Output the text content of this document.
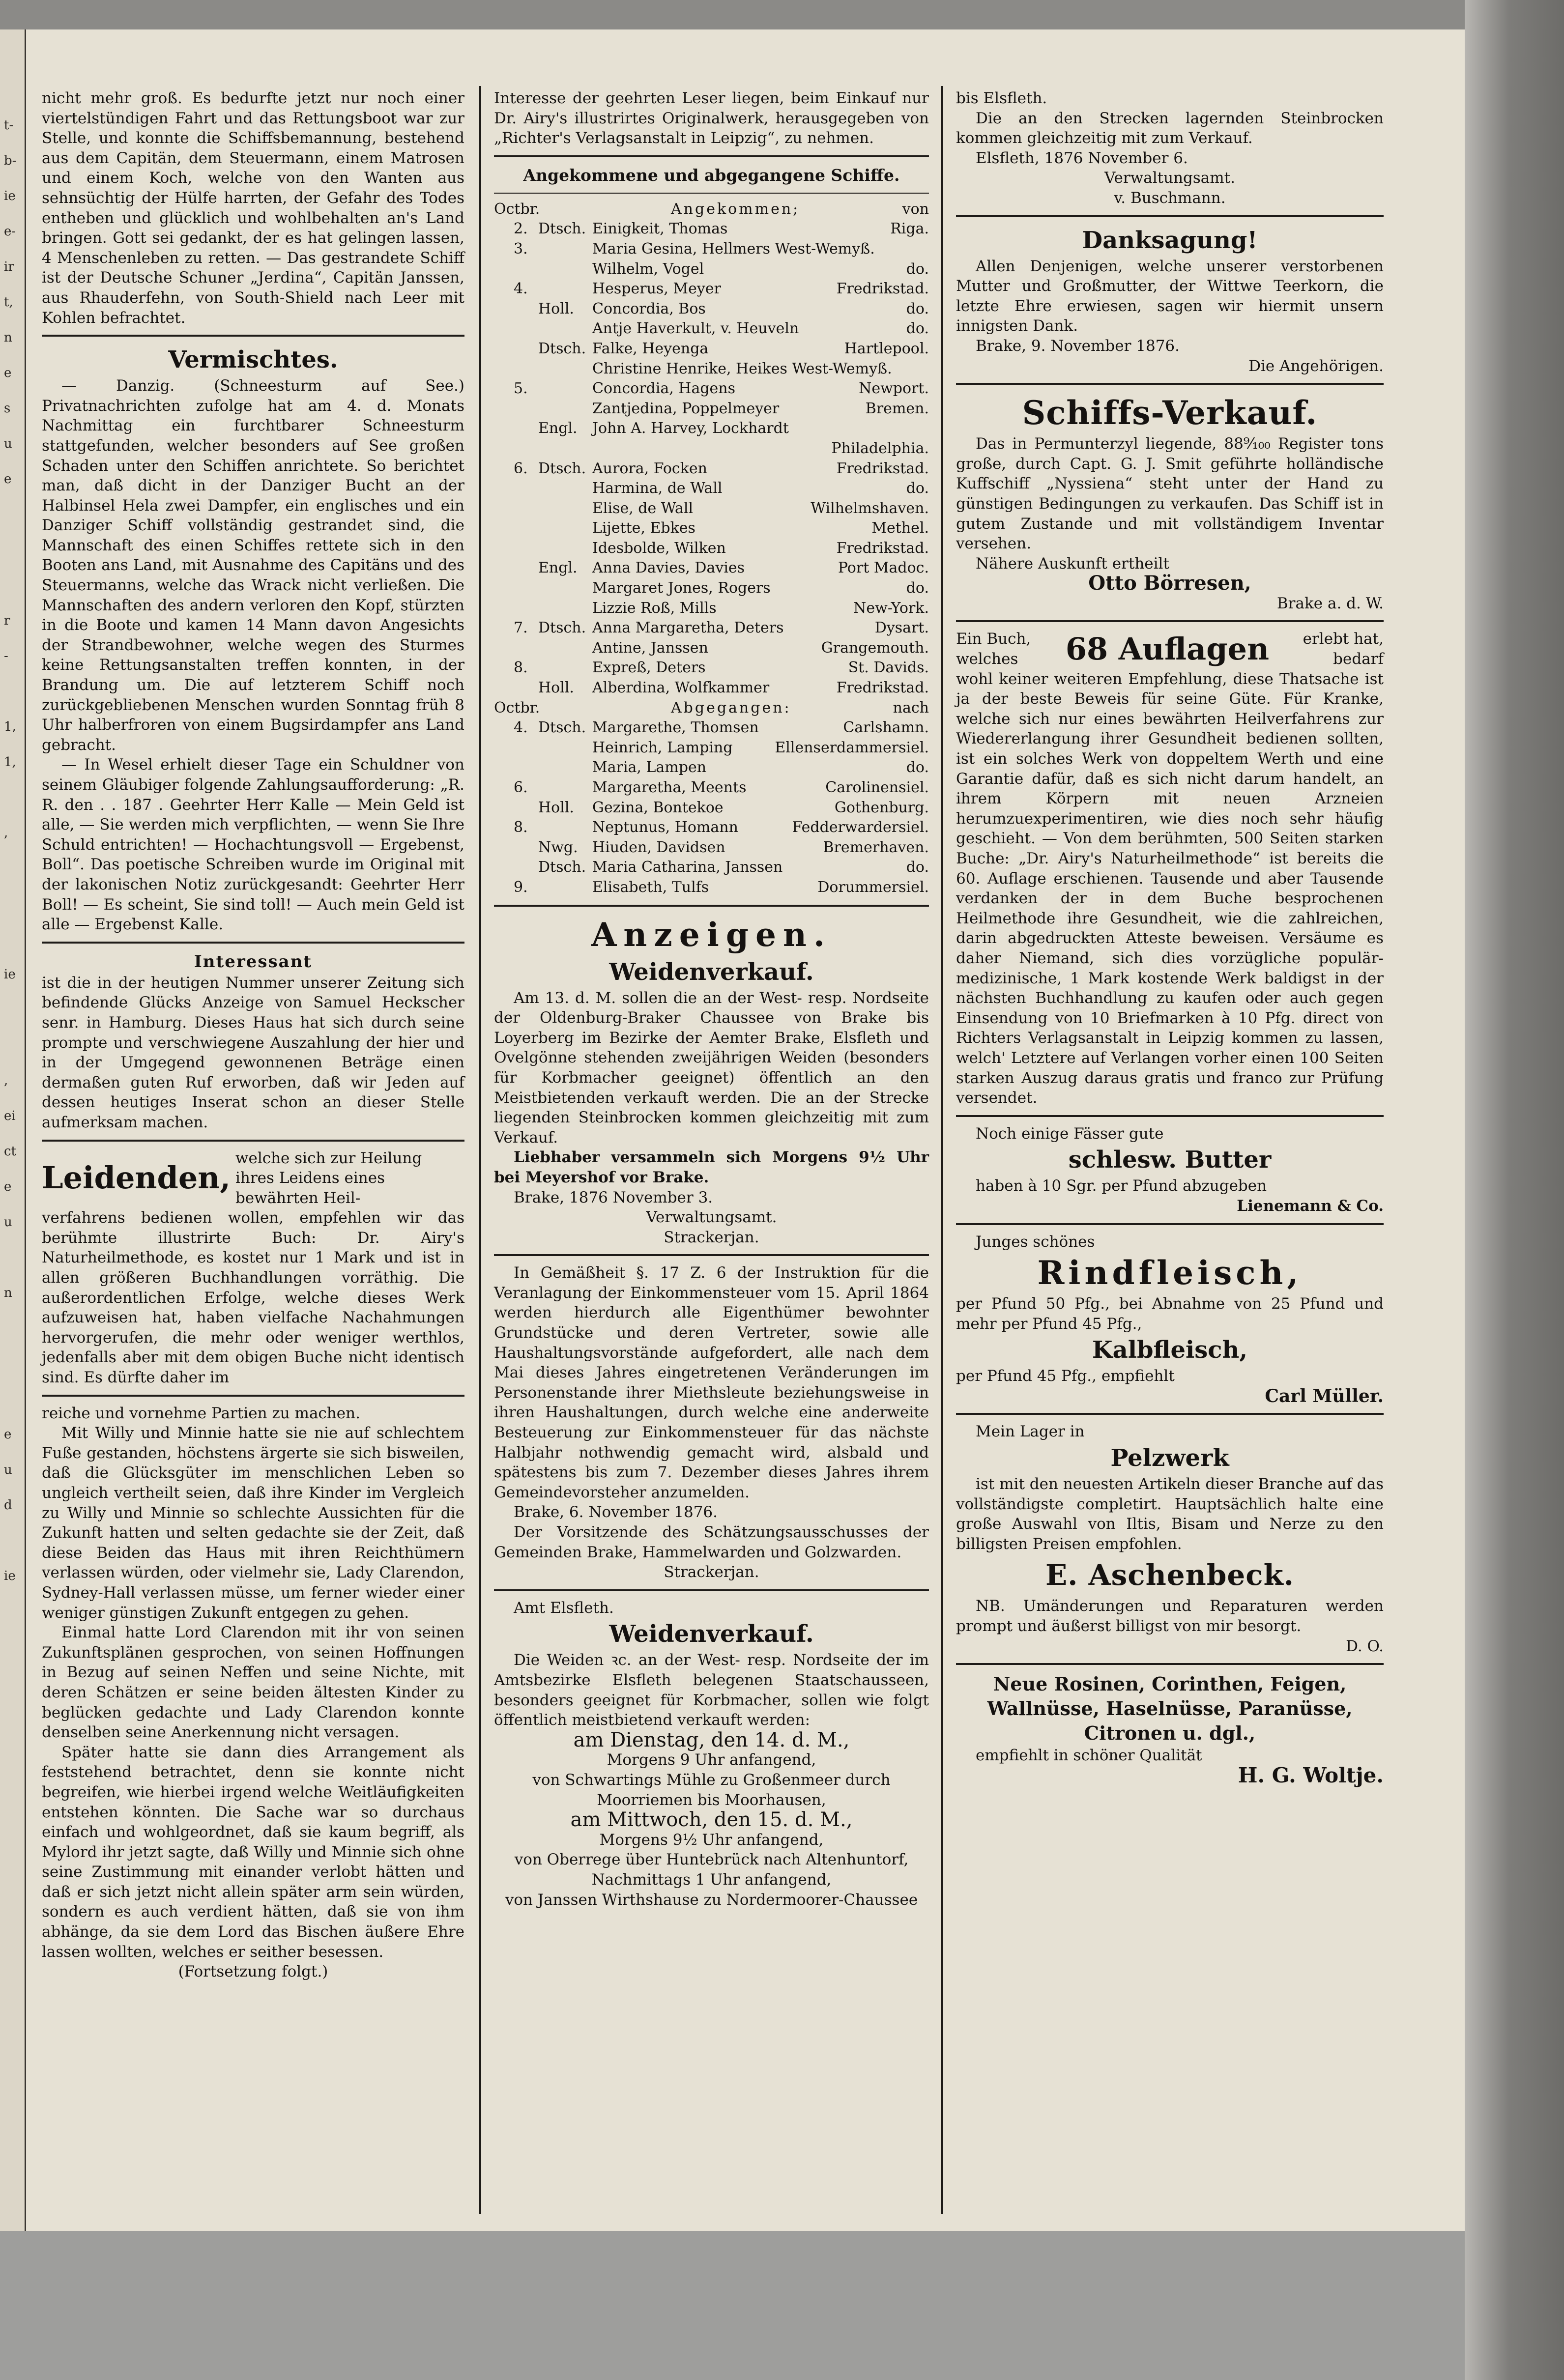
t-
b-
ie
e-
ir
t,
n
e
s
u
e
r
-
1,
1,
,
ie
,
ei
ct
e
u
n
e
u
d
ie

nicht mehr groß. Es bedurfte jetzt nur noch einer viertelstündigen Fahrt und das Rettungsboot war zur Stelle, und konnte die Schiffsbemannung, bestehend aus dem Capitän, dem Steuermann, einem Matrosen und einem Koch, welche von den Wanten aus sehnsüchtig der Hülfe harrten, der Gefahr des Todes entheben und glücklich und wohlbehalten an's Land bringen. Gott sei gedankt, der es hat gelingen lassen, 4 Menschenleben zu retten. — Das gestrandete Schiff ist der Deutsche Schuner „Jerdina“, Capitän Janssen, aus Rhauderfehn, von South-Shield nach Leer mit Kohlen befrachtet.

Vermischtes.

— Danzig. (Schneesturm auf See.) Privatnachrichten zufolge hat am 4. d. Monats Nachmittag ein furchtbarer Schneesturm stattgefunden, welcher besonders auf See großen Schaden unter den Schiffen anrichtete. So berichtet man, daß dicht in der Danziger Bucht an der Halbinsel Hela zwei Dampfer, ein englisches und ein Danziger Schiff vollständig gestrandet sind, die Mannschaft des einen Schiffes rettete sich in den Booten ans Land, mit Ausnahme des Capitäns und des Steuermanns, welche das Wrack nicht verließen. Die Mannschaften des andern verloren den Kopf, stürzten in die Boote und kamen 14 Mann davon Angesichts der Strandbewohner, welche wegen des Sturmes keine Rettungsanstalten treffen konnten, in der Brandung um. Die auf letzterem Schiff noch zurückgebliebenen Menschen wurden Sonntag früh 8 Uhr halberfroren von einem Bugsirdampfer ans Land gebracht.

— In Wesel erhielt dieser Tage ein Schuldner von seinem Gläubiger folgende Zahlungsaufforderung: „R. R. den . . 187 . Geehrter Herr Kalle — Mein Geld ist alle, — Sie werden mich verpflichten, — wenn Sie Ihre Schuld entrichten! — Hochachtungsvoll — Ergebenst, Boll“. Das poetische Schreiben wurde im Original mit der lakonischen Notiz zurückgesandt: Geehrter Herr Boll! — Es scheint, Sie sind toll! — Auch mein Geld ist alle — Ergebenst Kalle.

Interessant

ist die in der heutigen Nummer unserer Zeitung sich befindende Glücks Anzeige von Samuel Heckscher senr. in Hamburg. Dieses Haus hat sich durch seine prompte und verschwiegene Auszahlung der hier und in der Umgegend gewonnenen Beträge einen dermaßen guten Ruf erworben, daß wir Jeden auf dessen heutiges Inserat schon an dieser Stelle aufmerksam machen.

Leidenden,
welche sich zur Heilung ihres Leidens eines bewährten Heil-

verfahrens bedienen wollen, empfehlen wir das berühmte illustrirte Buch: Dr. Airy's Naturheilmethode, es kostet nur 1 Mark und ist in allen größeren Buchhandlungen vorräthig. Die außerordentlichen Erfolge, welche dieses Werk aufzuweisen hat, haben vielfache Nachahmungen hervorgerufen, die mehr oder weniger werthlos, jedenfalls aber mit dem obigen Buche nicht identisch sind. Es dürfte daher im

reiche und vornehme Partien zu machen.

Mit Willy und Minnie hatte sie nie auf schlechtem Fuße gestanden, höchstens ärgerte sie sich bisweilen, daß die Glücksgüter im menschlichen Leben so ungleich vertheilt seien, daß ihre Kinder im Vergleich zu Willy und Minnie so schlechte Aussichten für die Zukunft hatten und selten gedachte sie der Zeit, daß diese Beiden das Haus mit ihren Reichthümern verlassen würden, oder vielmehr sie, Lady Clarendon, Sydney-Hall verlassen müsse, um ferner wieder einer weniger günstigen Zukunft entgegen zu gehen.

Einmal hatte Lord Clarendon mit ihr von seinen Zukunftsplänen gesprochen, von seinen Hoffnungen in Bezug auf seinen Neffen und seine Nichte, mit deren Schätzen er seine beiden ältesten Kinder zu beglücken gedachte und Lady Clarendon konnte denselben seine Anerkennung nicht versagen.

Später hatte sie dann dies Arrangement als feststehend betrachtet, denn sie konnte nicht begreifen, wie hierbei irgend welche Weitläufigkeiten entstehen könnten. Die Sache war so durchaus einfach und wohlgeordnet, daß sie kaum begriff, als Mylord ihr jetzt sagte, daß Willy und Minnie sich ohne seine Zustimmung mit einander verlobt hätten und daß er sich jetzt nicht allein später arm sein würden, sondern es auch verdient hätten, daß sie von ihm abhänge, da sie dem Lord das Bischen äußere Ehre lassen wollten, welches er seither besessen.

(Fortsetzung folgt.)

Interesse der geehrten Leser liegen, beim Einkauf nur Dr. Airy's illustrirtes Originalwerk, herausgegeben von „Richter's Verlagsanstalt in Leipzig“, zu nehmen.

Angekommene und abgegangene Schiffe.
Octbr.	Angekommen;	von
2. Dtsch. Einigkeit, Thomas	Riga.
3.	Maria Gesina, Hellmers West-Wemyß.
Wilhelm, Vogel	do.
4.	Hesperus, Meyer	Fredrikstad.
Holl.	Concordia, Bos	do.
Antje Haverkult, v. Heuveln	do.
Dtsch. Falke, Heyenga	Hartlepool.
Christine Henrike, Heikes West-Wemyß.
5.	Concordia, Hagens	Newport.
Zantjedina, Poppelmeyer	Bremen.
Engl.	John A. Harvey, Lockhardt
Philadelphia.
6. Dtsch. Aurora, Focken	Fredrikstad.
Harmina, de Wall	do.
Elise, de Wall	Wilhelmshaven.
Lijette, Ebkes	Methel.
Idesbolde, Wilken	Fredrikstad.
Engl.	Anna Davies, Davies	Port Madoc.
Margaret Jones, Rogers	do.
Lizzie Roß, Mills	New-York.
7. Dtsch. Anna Margaretha, Deters	Dysart.
Antine, Janssen	Grangemouth.
8.	Expreß, Deters	St. Davids.
Holl.	Alberdina, Wolfkammer	Fredrikstad.
Octbr.	Abgegangen:	nach
4. Dtsch. Margarethe, Thomsen	Carlshamn.
Heinrich, Lamping	Ellenserdammersiel.
Maria, Lampen	do.
6.	Margaretha, Meents	Carolinensiel.
Holl.	Gezina, Bontekoe	Gothenburg.
8.	Neptunus, Homann	Fedderwardersiel.
Nwg. Hiuden, Davidsen	Bremerhaven.
Dtsch. Maria Catharina, Janssen	do.
9.	Elisabeth, Tulfs	Dorummersiel.
Anzeigen.
Weidenverkauf.

Am 13. d. M. sollen die an der West- resp. Nordseite der Oldenburg-Braker Chaussee von Brake bis Loyerberg im Bezirke der Aemter Brake, Elsfleth und Ovelgönne stehenden zweijährigen Weiden (besonders für Korbmacher geeignet) öffentlich an den Meistbietenden verkauft werden. Die an der Strecke liegenden Steinbrocken kommen gleichzeitig mit zum Verkauf.

Liebhaber versammeln sich Morgens 9½ Uhr bei Meyershof vor Brake.

Brake, 1876 November 3.
Verwaltungsamt.
Strackerjan.

In Gemäßheit §. 17 Z. 6 der Instruktion für die Veranlagung der Einkommensteuer vom 15. April 1864 werden hierdurch alle Eigenthümer bewohnter Grundstücke und deren Vertreter, sowie alle Haushaltungsvorstände aufgefordert, alle nach dem Mai dieses Jahres eingetretenen Veränderungen im Personenstande ihrer Miethsleute beziehungsweise in ihren Haushaltungen, durch welche eine anderweite Besteuerung zur Einkommensteuer für das nächste Halbjahr nothwendig gemacht wird, alsbald und spätestens bis zum 7. Dezember dieses Jahres ihrem Gemeindevorsteher anzumelden.

Brake, 6. November 1876.

Der Vorsitzende des Schätzungsausschusses der Gemeinden Brake, Hammelwarden und Golzwarden.

Strackerjan.
Amt Elsfleth.
Weidenverkauf.

Die Weiden ꝛc. an der West- resp. Nordseite der im Amtsbezirke Elsfleth belegenen Staatschausseen, besonders geeignet für Korbmacher, sollen wie folgt öffentlich meistbietend verkauft werden:

am Dienstag, den 14. d. M.,
Morgens 9 Uhr anfangend,
von Schwartings Mühle zu Großenmeer durch Moorriemen bis Moorhausen,
am Mittwoch, den 15. d. M.,
Morgens 9½ Uhr anfangend,
von Oberrege über Huntebrück nach Altenhuntorf,
Nachmittags 1 Uhr anfangend,
von Janssen Wirthshause zu Nordermoorer-Chaussee
bis Elsfleth.

Die an den Strecken lagernden Steinbrocken kommen gleichzeitig mit zum Verkauf.

Elsfleth, 1876 November 6.
Verwaltungsamt.
v. Buschmann.
Danksagung!

Allen Denjenigen, welche unserer verstorbenen Mutter und Großmutter, der Wittwe Teerkorn, die letzte Ehre erwiesen, sagen wir hiermit unsern innigsten Dank.

Brake, 9. November 1876.
Die Angehörigen.
Schiffs-Verkauf.

Das in Permunterzyl liegende, 88⁹⁄₁₀₀ Register tons große, durch Capt. G. J. Smit geführte holländische Kuffschiff „Nyssiena“ steht unter der Hand zu günstigen Bedingungen zu verkaufen. Das Schiff ist in gutem Zustande und mit vollständigem Inventar versehen.

Nähere Auskunft ertheilt
Otto Börresen,
Brake a. d. W.
Ein Buch, welches	68 Auflagen	erlebt hat, bedarf

wohl keiner weiteren Empfehlung, diese Thatsache ist ja der beste Beweis für seine Güte. Für Kranke, welche sich nur eines bewährten Heilverfahrens zur Wiedererlangung ihrer Gesundheit bedienen sollten, ist ein solches Werk von doppeltem Werth und eine Garantie dafür, daß es sich nicht darum handelt, an ihrem Körpern mit neuen Arzneien herumzuexperimentiren, wie dies noch sehr häufig geschieht. — Von dem berühmten, 500 Seiten starken Buche: „Dr. Airy's Naturheilmethode“ ist bereits die 60. Auflage erschienen. Tausende und aber Tausende verdanken der in dem Buche besprochenen Heilmethode ihre Gesundheit, wie die zahlreichen, darin abgedruckten Atteste beweisen. Versäume es daher Niemand, sich dies vorzügliche populär-medizinische, 1 Mark kostende Werk baldigst in der nächsten Buchhandlung zu kaufen oder auch gegen Einsendung von 10 Briefmarken à 10 Pfg. direct von Richters Verlagsanstalt in Leipzig kommen zu lassen, welch' Letztere auf Verlangen vorher einen 100 Seiten starken Auszug daraus gratis und franco zur Prüfung versendet.

Noch einige Fässer gute
schlesw. Butter
haben à 10 Sgr. per Pfund abzugeben
Lienemann & Co.
Junges schönes
Rindfleisch,

per Pfund 50 Pfg., bei Abnahme von 25 Pfund und mehr per Pfund 45 Pfg.,

Kalbfleisch,
per Pfund 45 Pfg., empfiehlt
Carl Müller.
Mein Lager in
Pelzwerk

ist mit den neuesten Artikeln dieser Branche auf das vollständigste completirt. Hauptsächlich halte eine große Auswahl von Iltis, Bisam und Nerze zu den billigsten Preisen empfohlen.

E. Aschenbeck.

NB. Umänderungen und Reparaturen werden prompt und äußerst billigst von mir besorgt.

D. O.
Neue Rosinen, Corinthen, Feigen, Wallnüsse, Haselnüsse, Paranüsse, Citronen u. dgl.,
empfiehlt in schöner Qualität
H. G. Woltje.
